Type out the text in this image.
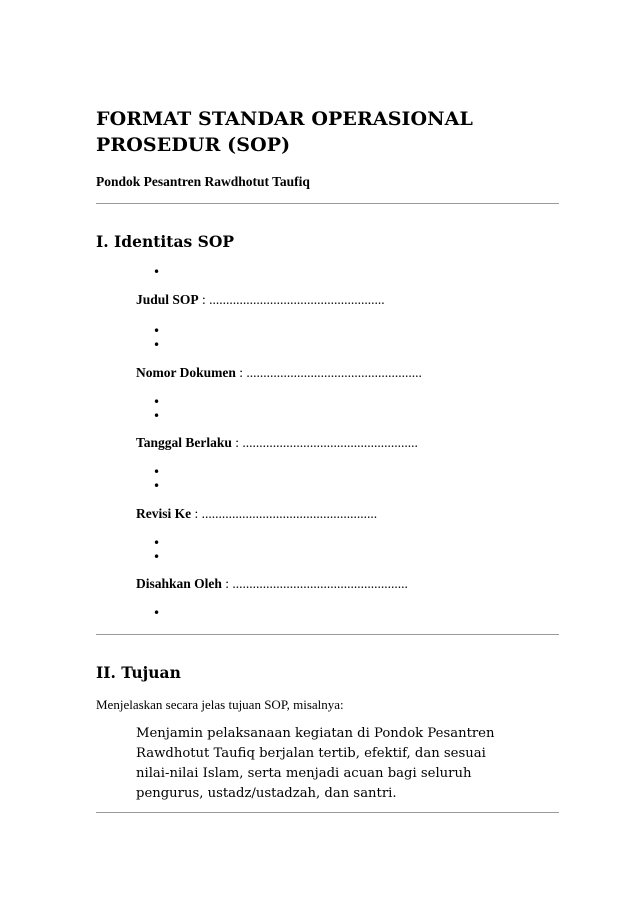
FORMAT STANDAR OPERASIONAL PROSEDUR (SOP)
Pondok Pesantren Rawdhotut Taufiq
I. Identitas SOP
•
Judul SOP : ....................................................
•
•
Nomor Dokumen : ....................................................
•
•
Tanggal Berlaku : ....................................................
•
•
Revisi Ke : ....................................................
•
•
Disahkan Oleh : ....................................................
•
II. Tujuan
Menjelaskan secara jelas tujuan SOP, misalnya:
Menjamin pelaksanaan kegiatan di Pondok Pesantren Rawdhotut Taufiq berjalan tertib, efektif, dan sesuai nilai-nilai Islam, serta menjadi acuan bagi seluruh pengurus, ustadz/ustadzah, dan santri.
